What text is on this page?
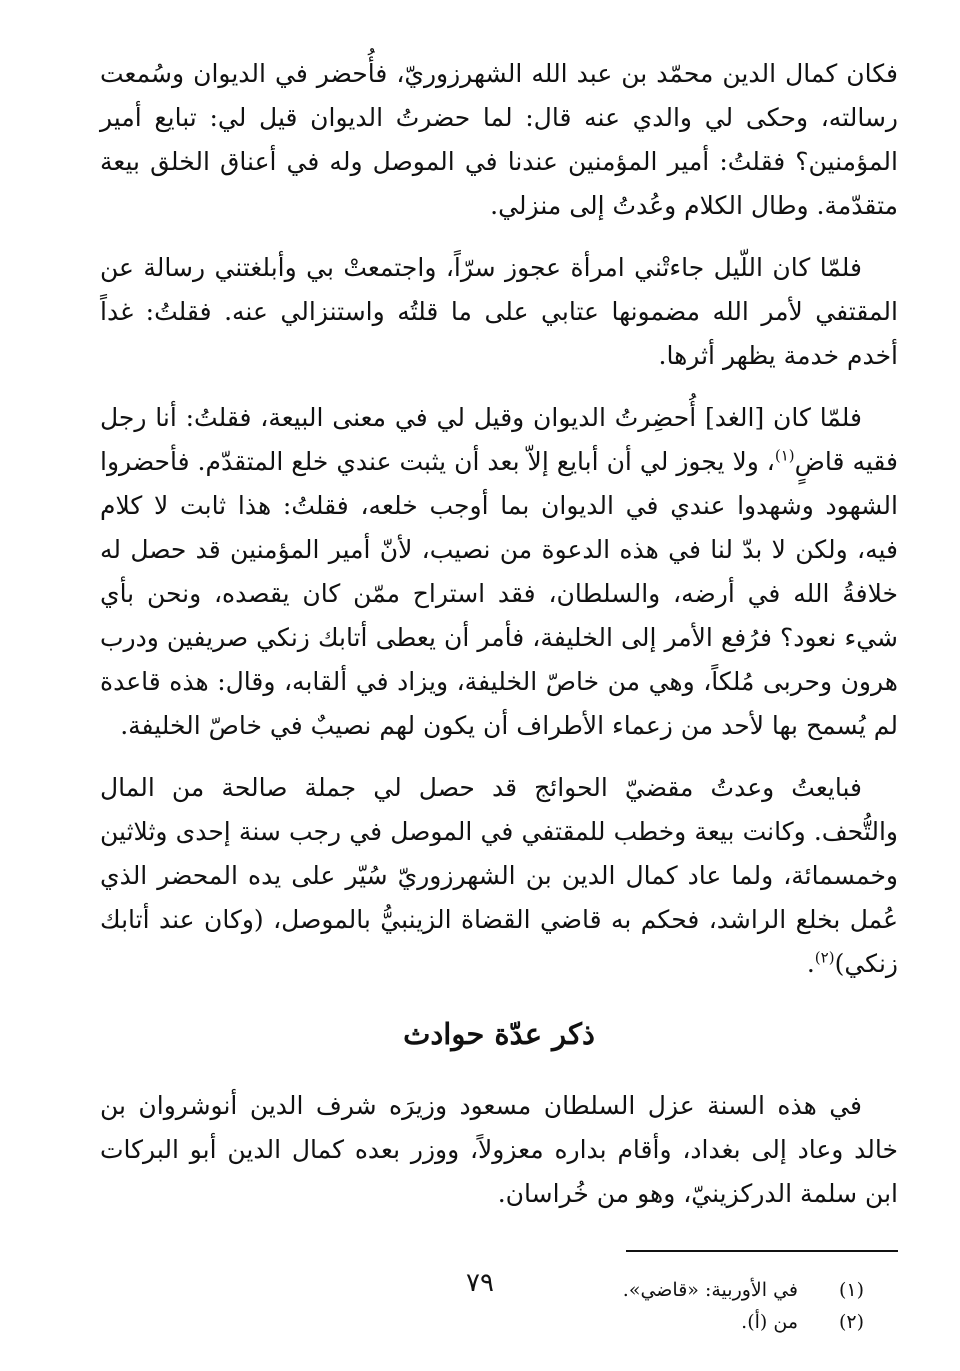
فكان كمال الدين محمّد بن عبد الله الشهرزوريّ، فأُحضر في الديوان وسُمعت رسالته، وحكى لي والدي عنه قال: لما حضرتُ الديوان قيل لي: تبايع أمير المؤمنين؟ فقلتُ: أمير المؤمنين عندنا في الموصل وله في أعناق الخلق بيعة متقدّمة. وطال الكلام وعُدتُ إلى منزلي.

فلمّا كان اللّيل جاءتْني امرأة عجوز سرّاً، واجتمعتْ بي وأبلغتني رسالة عن المقتفي لأمر الله مضمونها عتابي على ما قلتُه واستنزالي عنه. فقلتُ: غداً أخدم خدمة يظهر أثرها.

فلمّا كان [الغد] أُحضِرتُ الديوان وقيل لي في معنى البيعة، فقلتُ: أنا رجل فقيه قاضٍ$^{(١)}$، ولا يجوز لي أن أبايع إلاّ بعد أن يثبت عندي خلع المتقدّم. فأحضروا الشهود وشهدوا عندي في الديوان بما أوجب خلعه، فقلتُ: هذا ثابت لا كلام فيه، ولكن لا بدّ لنا في هذه الدعوة من نصيب، لأنّ أمير المؤمنين قد حصل له خلافةُ الله في أرضه، والسلطان، فقد استراح ممّن كان يقصده، ونحن بأي شيء نعود؟ فرُفع الأمر إلى الخليفة، فأمر أن يعطى أتابك زنكي صريفين ودرب هرون وحربى مُلكاً، وهي من خاصّ الخليفة، ويزاد في ألقابه، وقال: هذه قاعدة لم يُسمح بها لأحد من زعماء الأطراف أن يكون لهم نصيبٌ في خاصّ الخليفة.

فبايعتُ وعدتُ مقضيّ الحوائج قد حصل لي جملة صالحة من المال والتُّحف. وكانت بيعة وخطب للمقتفي في الموصل في رجب سنة إحدى وثلاثين وخمسمائة، ولما عاد كمال الدين بن الشهرزوريّ سُيّر على يده المحضر الذي عُمل بخلع الراشد، فحكم به قاضي القضاة الزينبيُّ بالموصل، (وكان عند أتابك زنكي)$^{(٢)}$.

ذكر عدّة حوادث

في هذه السنة عزل السلطان مسعود وزيرَه شرف الدين أنوشروان بن خالد وعاد إلى بغداد، وأقام بداره معزولاً، ووزر بعده كمال الدين أبو البركات ابن سلمة الدركزينيّ، وهو من خُراسان.

(١)
في الأوربية: «قاضي».
(٢)
من (أ).
٧٩
